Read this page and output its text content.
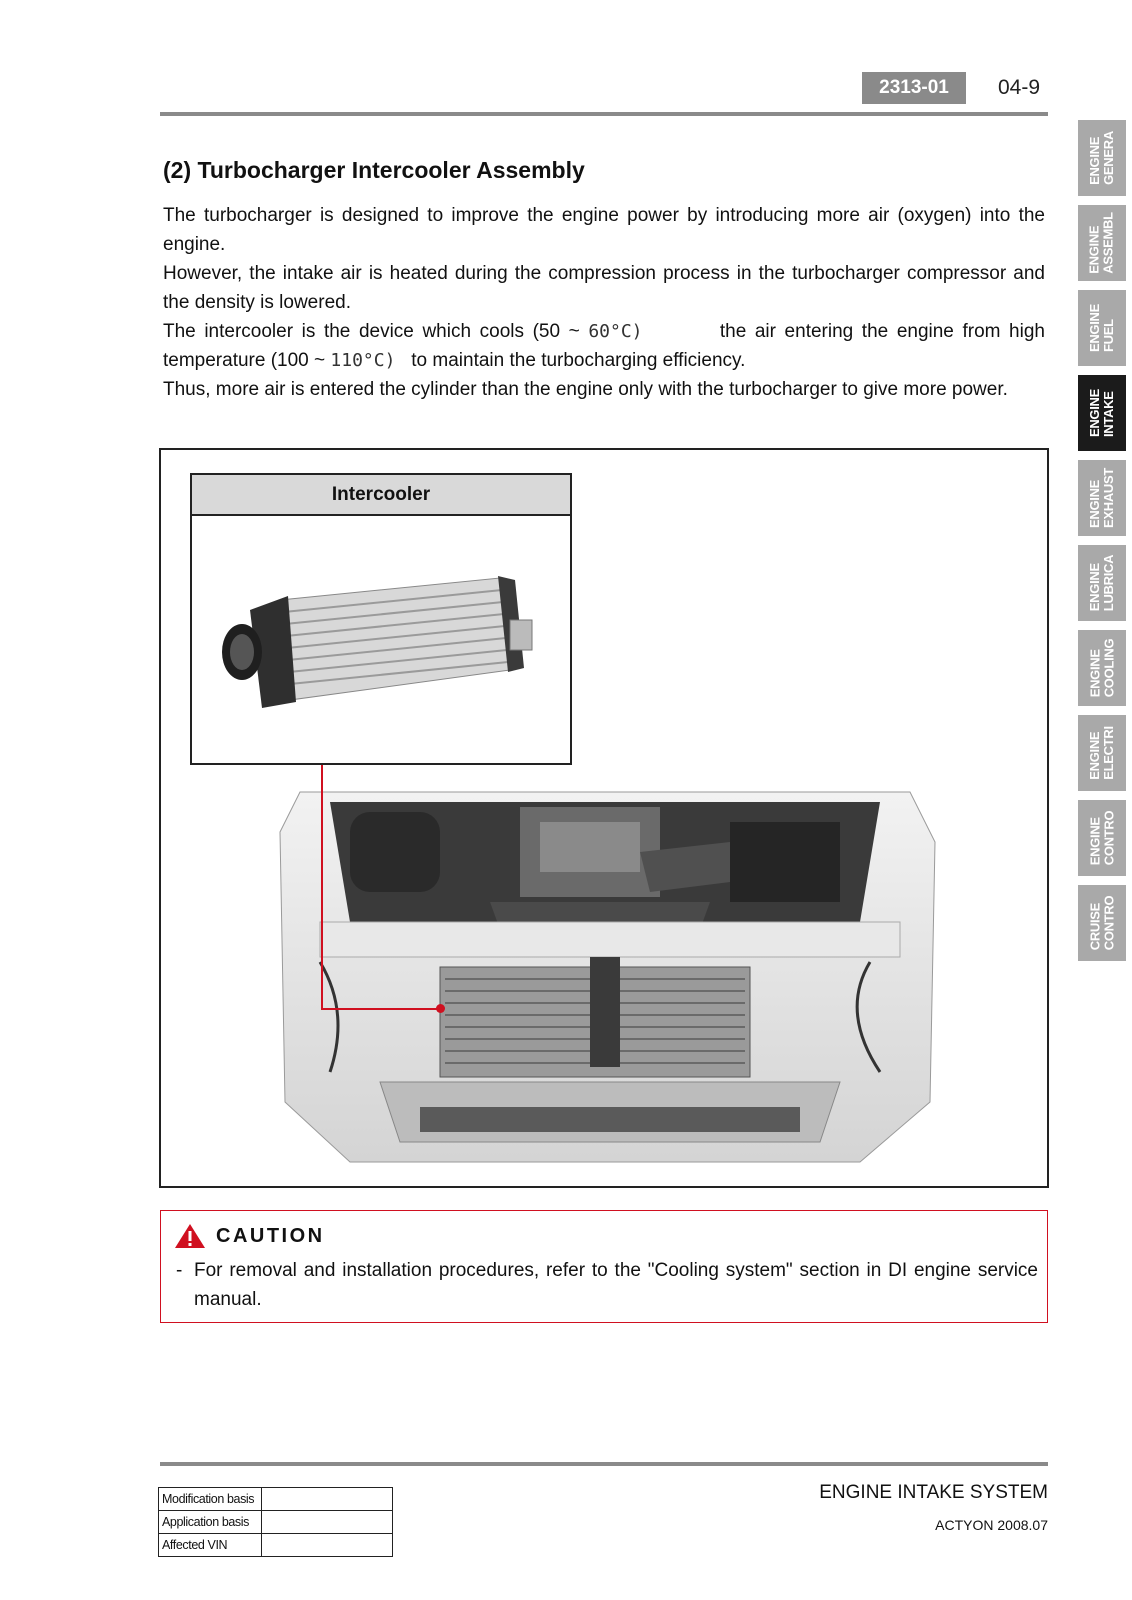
2313-01	04-9
ENGINE GENERA
ENGINE ASSEMBL
ENGINE FUEL
ENGINE INTAKE
ENGINE EXHAUST
ENGINE LUBRICA
ENGINE COOLING
ENGINE ELECTRI
ENGINE CONTRO
CRUISE CONTRO
(2) Turbocharger Intercooler Assembly

The turbocharger is designed to improve the engine power by introducing more air (oxygen) into the engine.

However, the intake air is heated during the compression process in the turbocharger compressor and the density is lowered.

The intercooler is the device which cools (50 ~ 60°C)	the air entering the engine from high temperature (100 ~ 110°C) to maintain the turbocharging efficiency.

Thus, more air is entered the cylinder than the engine only with the turbocharger to give more power.

Intercooler
CAUTION
- For removal and installation procedures, refer to the "Cooling system" section in DI engine service manual.
ENGINE INTAKE SYSTEM
ACTYON 2008.07
Modification basis	
Application basis	
Affected VIN	
